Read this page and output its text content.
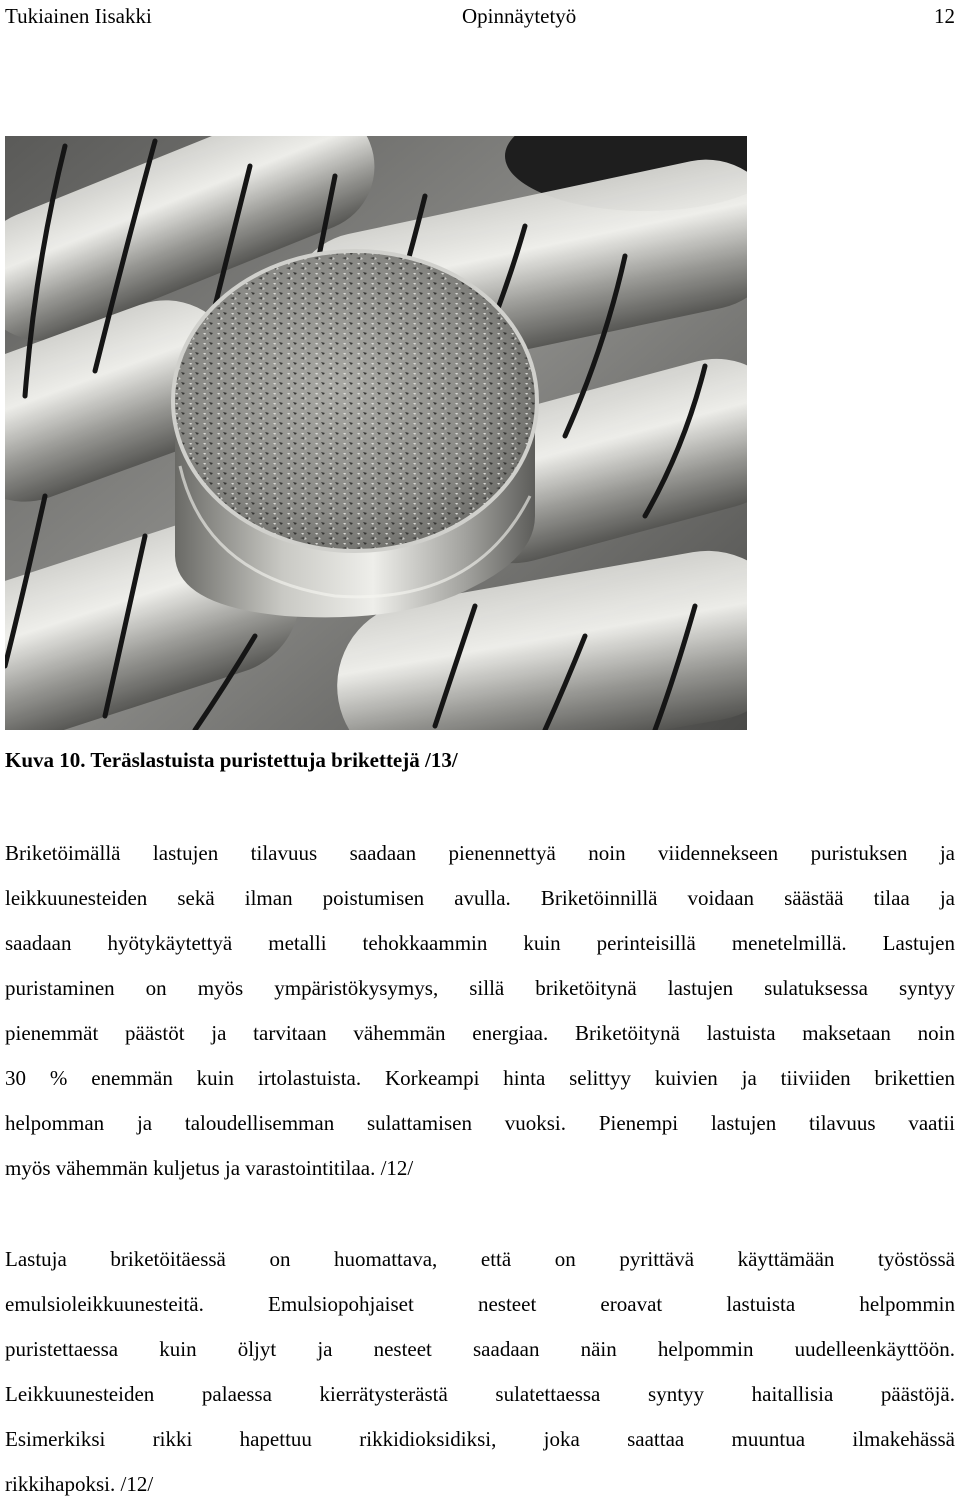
Tukiainen Iisakki	Opinnäytetyö	12
Kuva 10. Teräslastuista puristettuja brikettejä /13/
Briketöimällä lastujen tilavuus saadaan pienennettyä noin viidennekseen puristuksen ja
leikkuunesteiden sekä ilman poistumisen avulla. Briketöinnillä voidaan säästää tilaa ja
saadaan hyötykäytettyä metalli tehokkaammin kuin perinteisillä menetelmillä. Lastujen
puristaminen on myös ympäristökysymys, sillä briketöitynä lastujen sulatuksessa syntyy
pienemmät päästöt ja tarvitaan vähemmän energiaa. Briketöitynä lastuista maksetaan noin
30 % enemmän kuin irtolastuista. Korkeampi hinta selittyy kuivien ja tiiviiden brikettien
helpomman ja taloudellisemman sulattamisen vuoksi. Pienempi lastujen tilavuus vaatii
myös vähemmän kuljetus ja varastointitilaa. /12/
Lastuja briketöitäessä on huomattava, että on pyrittävä käyttämään työstössä
emulsioleikkuunesteitä. Emulsiopohjaiset nesteet eroavat lastuista helpommin
puristettaessa kuin öljyt ja nesteet saadaan näin helpommin uudelleenkäyttöön.
Leikkuunesteiden palaessa kierrätysterästä sulatettaessa syntyy haitallisia päästöjä.
Esimerkiksi rikki hapettuu rikkidioksidiksi, joka saattaa muuntua ilmakehässä
rikkihapoksi. /12/
